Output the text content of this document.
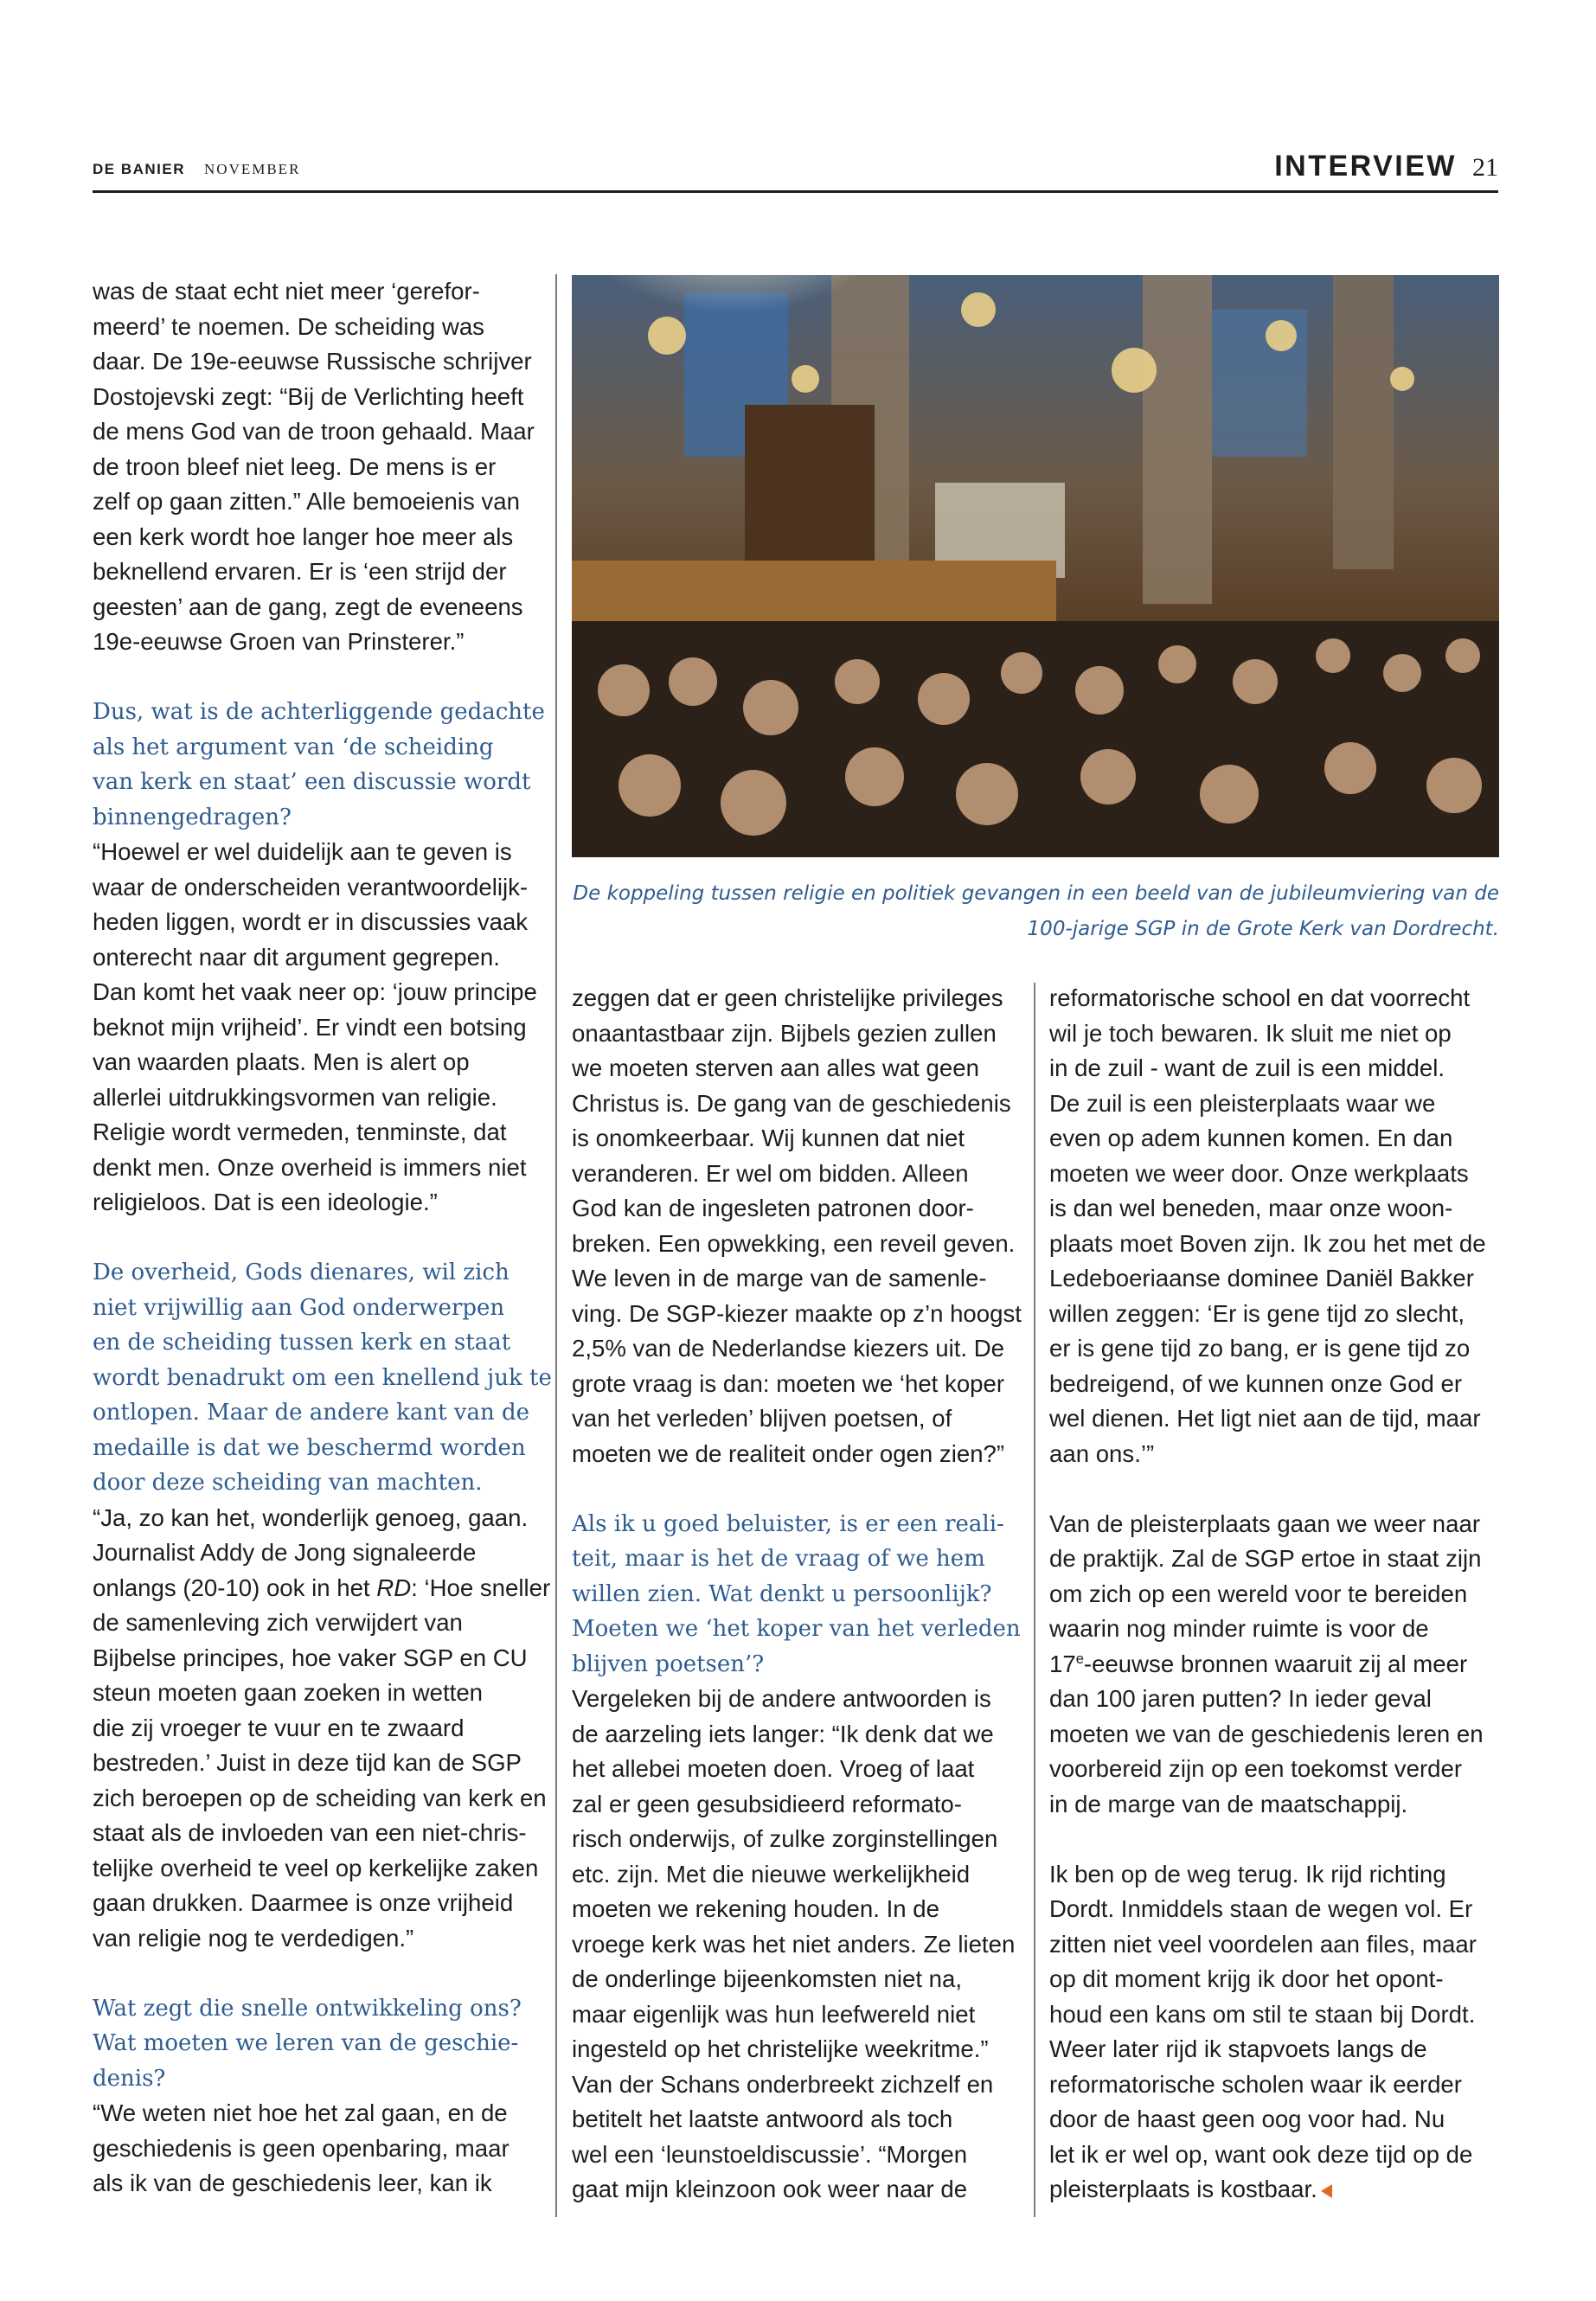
DE BANIER NOVEMBER	INTERVIEW 21

was de staat echt niet meer ‘gerefor-

meerd’ te noemen. De scheiding was

daar. De 19e-eeuwse Russische schrijver

Dostojevski zegt: “Bij de Verlichting heeft

de mens God van de troon gehaald. Maar

de troon bleef niet leeg. De mens is er

zelf op gaan zitten.” Alle bemoeienis van

een kerk wordt hoe langer hoe meer als

beknellend ervaren. Er is ‘een strijd der

geesten’ aan de gang, zegt de eveneens

19e-eeuwse Groen van Prinsterer.”

Dus, wat is de achterliggende gedachte

als het argument van ‘de scheiding

van kerk en staat’ een discussie wordt

binnengedragen?

“Hoewel er wel duidelijk aan te geven is

waar de onderscheiden verantwoordelijk-

heden liggen, wordt er in discussies vaak

onterecht naar dit argument gegrepen.

Dan komt het vaak neer op: ‘jouw principe

beknot mijn vrijheid’. Er vindt een botsing

van waarden plaats. Men is alert op

allerlei uitdrukkingsvormen van religie.

Religie wordt vermeden, tenminste, dat

denkt men. Onze overheid is immers niet

religieloos. Dat is een ideologie.”

De overheid, Gods dienares, wil zich

niet vrijwillig aan God onderwerpen

en de scheiding tussen kerk en staat

wordt benadrukt om een knellend juk te

ontlopen. Maar de andere kant van de

medaille is dat we beschermd worden

door deze scheiding van machten.

“Ja, zo kan het, wonderlijk genoeg, gaan.

Journalist Addy de Jong signaleerde

onlangs (20-10) ook in het RD: ‘Hoe sneller

de samenleving zich verwijdert van

Bijbelse principes, hoe vaker SGP en CU

steun moeten gaan zoeken in wetten

die zij vroeger te vuur en te zwaard

bestreden.’ Juist in deze tijd kan de SGP

zich beroepen op de scheiding van kerk en

staat als de invloeden van een niet-chris-

telijke overheid te veel op kerkelijke zaken

gaan drukken. Daarmee is onze vrijheid

van religie nog te verdedigen.”

Wat zegt die snelle ontwikkeling ons?

Wat moeten we leren van de geschie-

denis?

“We weten niet hoe het zal gaan, en de

geschiedenis is geen openbaring, maar

als ik van de geschiedenis leer, kan ik

De koppeling tussen religie en politiek gevangen in een beeld van de jubileumviering van de

100-jarige SGP in de Grote Kerk van Dordrecht.

zeggen dat er geen christelijke privileges

onaantastbaar zijn. Bijbels gezien zullen

we moeten sterven aan alles wat geen

Christus is. De gang van de geschiedenis

is onomkeerbaar. Wij kunnen dat niet

veranderen. Er wel om bidden. Alleen

God kan de ingesleten patronen door-

breken. Een opwekking, een reveil geven.

We leven in de marge van de samenle-

ving. De SGP-kiezer maakte op z’n hoogst

2,5% van de Nederlandse kiezers uit. De

grote vraag is dan: moeten we ‘het koper

van het verleden’ blijven poetsen, of

moeten we de realiteit onder ogen zien?”

Als ik u goed beluister, is er een reali-

teit, maar is het de vraag of we hem

willen zien. Wat denkt u persoonlijk?

Moeten we ‘het koper van het verleden

blijven poetsen’?

Vergeleken bij de andere antwoorden is

de aarzeling iets langer: “Ik denk dat we

het allebei moeten doen. Vroeg of laat

zal er geen gesubsidieerd reformato-

risch onderwijs, of zulke zorginstellingen

etc. zijn. Met die nieuwe werkelijkheid

moeten we rekening houden. In de

vroege kerk was het niet anders. Ze lieten

de onderlinge bijeenkomsten niet na,

maar eigenlijk was hun leefwereld niet

ingesteld op het christelijke weekritme.”

Van der Schans onderbreekt zichzelf en

betitelt het laatste antwoord als toch

wel een ‘leunstoeldiscussie’. “Morgen

gaat mijn kleinzoon ook weer naar de

reformatorische school en dat voorrecht

wil je toch bewaren. Ik sluit me niet op

in de zuil - want de zuil is een middel.

De zuil is een pleisterplaats waar we

even op adem kunnen komen. En dan

moeten we weer door. Onze werkplaats

is dan wel beneden, maar onze woon-

plaats moet Boven zijn. Ik zou het met de

Ledeboeriaanse dominee Daniël Bakker

willen zeggen: ‘Er is gene tijd zo slecht,

er is gene tijd zo bang, er is gene tijd zo

bedreigend, of we kunnen onze God er

wel dienen. Het ligt niet aan de tijd, maar

aan ons.’”

Van de pleisterplaats gaan we weer naar

de praktijk. Zal de SGP ertoe in staat zijn

om zich op een wereld voor te bereiden

waarin nog minder ruimte is voor de

17e-eeuwse bronnen waaruit zij al meer

dan 100 jaren putten? In ieder geval

moeten we van de geschiedenis leren en

voorbereid zijn op een toekomst verder

in de marge van de maatschappij.

Ik ben op de weg terug. Ik rijd richting

Dordt. Inmiddels staan de wegen vol. Er

zitten niet veel voordelen aan files, maar

op dit moment krijg ik door het opont-

houd een kans om stil te staan bij Dordt.

Weer later rijd ik stapvoets langs de

reformatorische scholen waar ik eerder

door de haast geen oog voor had. Nu

let ik er wel op, want ook deze tijd op de

pleisterplaats is kostbaar.
